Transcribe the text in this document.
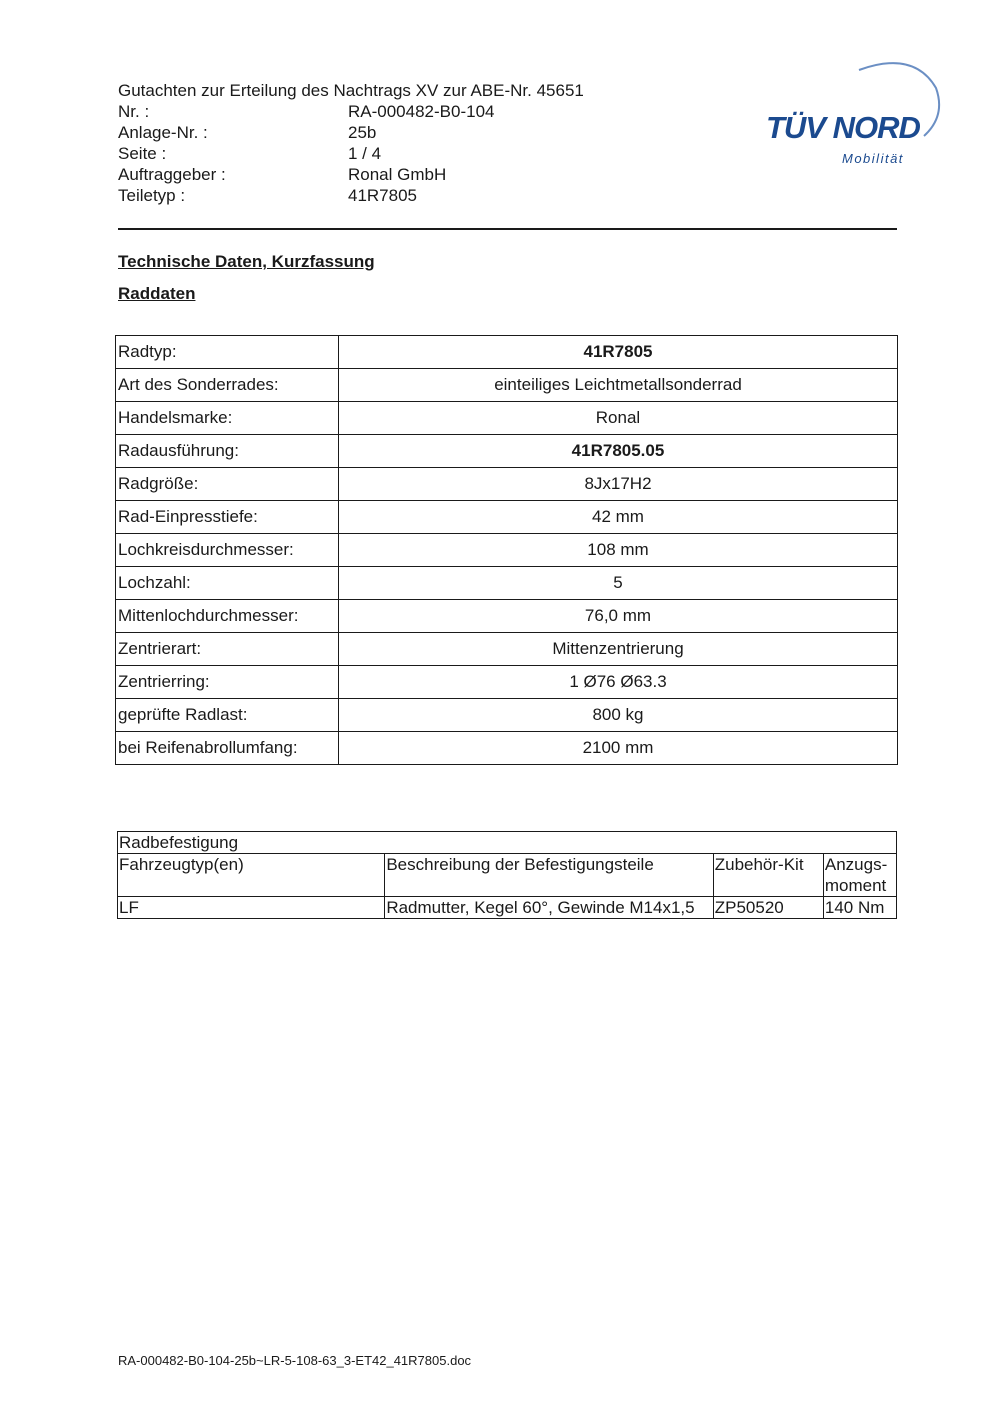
Gutachten zur Erteilung des Nachtrags XV zur ABE-Nr. 45651
Nr. :	RA-000482-B0-104
Anlage-Nr. :	25b
Seite :	1 / 4
Auftraggeber :	Ronal GmbH
Teiletyp :	41R7805
TÜV NORD
Mobilität
Technische Daten, Kurzfassung
Raddaten
Radtyp:	41R7805
Art des Sonderrades:	einteiliges Leichtmetallsonderrad
Handelsmarke:	Ronal
Radausführung:	41R7805.05
Radgröße:	8Jx17H2
Rad-Einpresstiefe:	42 mm
Lochkreisdurchmesser:	108 mm
Lochzahl:	5
Mittenlochdurchmesser:	76,0 mm
Zentrierart:	Mittenzentrierung
Zentrierring:	1 Ø76 Ø63.3
geprüfte Radlast:	800 kg
bei Reifenabrollumfang:	2100 mm
Radbefestigung			
Fahrzeugtyp(en)	Beschreibung der Befestigungsteile	Zubehör-Kit	Anzugs-
moment
LF	Radmutter, Kegel 60°, Gewinde M14x1,5	ZP50520	140 Nm
RA-000482-B0-104-25b~LR-5-108-63_3-ET42_41R7805.doc
